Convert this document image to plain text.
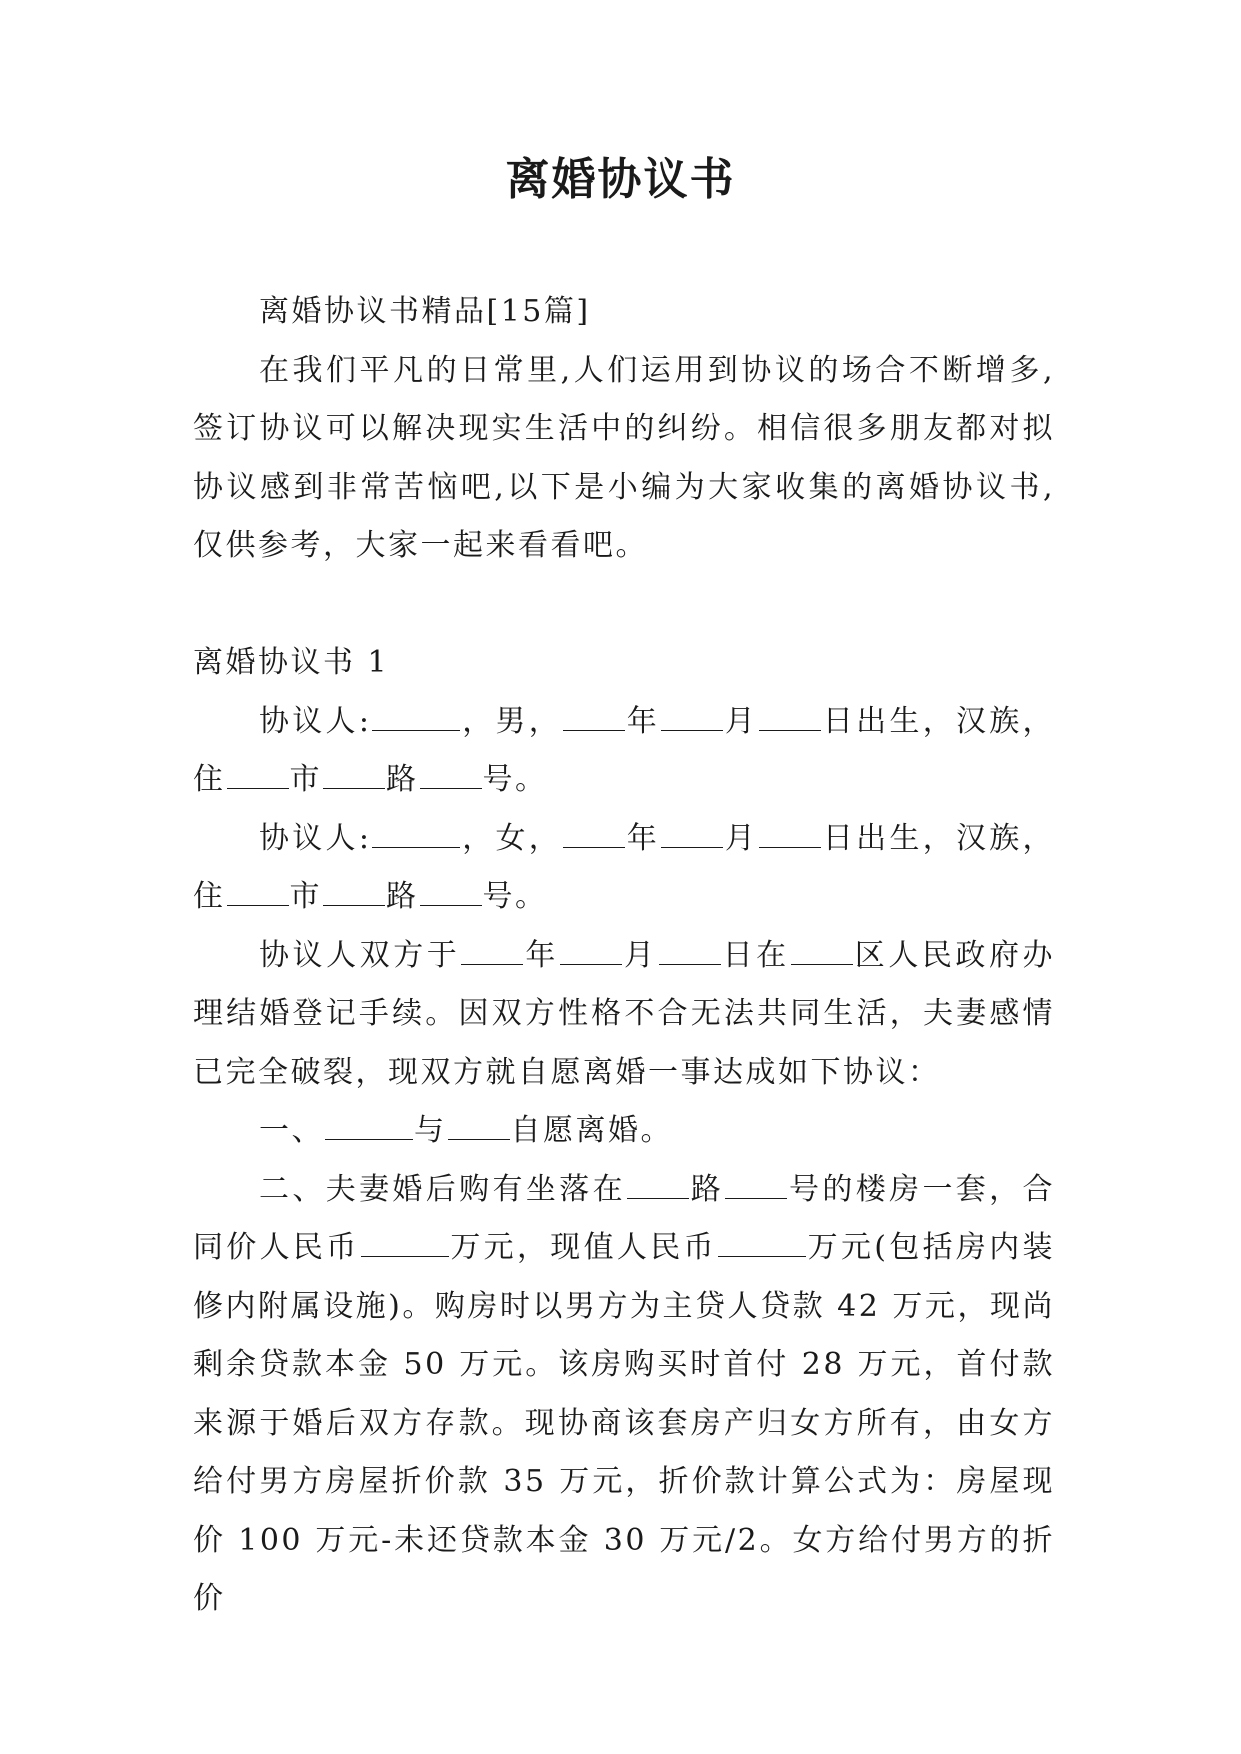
离婚协议书

离婚协议书精品[15篇]

在我们平凡的日常里,人们运用到协议的场合不断增多,签订协议可以解决现实生活中的纠纷。相信很多朋友都对拟协议感到非常苦恼吧,以下是小编为大家收集的离婚协议书,仅供参考，大家一起来看看吧。

离婚协议书 1

协议人:	，男， 年 月 日出生，汉族，住 市 路 号。

协议人:	，女， 年 月 日出生，汉族，住 市 路 号。

协议人双方于 年 月 日在 区人民政府办理结婚登记手续。因双方性格不合无法共同生活，夫妻感情已完全破裂，现双方就自愿离婚一事达成如下协议：

一、	与 自愿离婚。

二、夫妻婚后购有坐落在 路 号的楼房一套，合同价人民币	万元，现值人民币	万元(包括房内装修内附属设施)。购房时以男方为主贷人贷款 42 万元，现尚剩余贷款本金 50 万元。该房购买时首付 28 万元，首付款来源于婚后双方存款。现协商该套房产归女方所有，由女方给付男方房屋折价款 35 万元，折价款计算公式为：房屋现价 100 万元-未还贷款本金 30 万元/2。女方给付男方的折价
